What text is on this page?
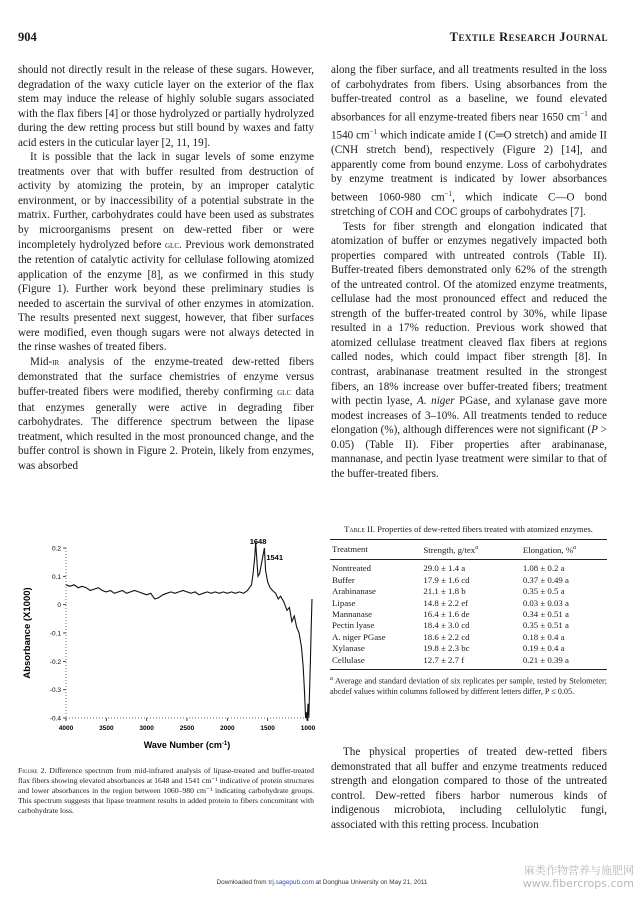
904	Textile Research Journal

should not directly result in the release of these sugars. However, degradation of the waxy cuticle layer on the exterior of the flax stem may induce the release of highly soluble sugars associated with the flax fibers [4] or those hydrolyzed or partially hydrolyzed during the dew retting process but still bound by waxes and fatty acid esters in the cuticular layer [2, 11, 19].

It is possible that the lack in sugar levels of some enzyme treatments over that with buffer resulted from destruction of activity by atomizing the protein, by an improper catalytic environment, or by inaccessibility of a potential substrate in the matrix. Further, carbohydrates could have been used as substrates by microorganisms present on dew-retted fiber or were incompletely hydrolyzed before glc. Previous work demonstrated the retention of catalytic activity for cellulase following atomized application of the enzyme [8], as we confirmed in this study (Figure 1). Further work beyond these preliminary studies is needed to ascertain the survival of other enzymes in atomization. The results presented next suggest, however, that fiber surfaces were modified, even though sugars were not always detected in the rinse washes of treated fibers.

Mid-ir analysis of the enzyme-treated dew-retted fibers demonstrated that the surface chemistries of enzyme versus buffer-treated fibers were modified, thereby confirming glc data that enzymes generally were active in degrading fiber carbohydrates. The difference spectrum between the lipase treatment, which resulted in the most pronounced change, and the buffer control is shown in Figure 2. Protein, likely from enzymes, was absorbed

along the fiber surface, and all treatments resulted in the loss of carbohydrates from fibers. Using absorbances from the buffer-treated control as a baseline, we found elevated absorbances for all enzyme-treated fibers near 1650 $cm^{-1}$ and 1540 $cm^{-1}$ which indicate amide I (C═O stretch) and amide II (CNH stretch bend), respectively (Figure 2) [14], and apparently come from bound enzyme. Loss of carbohydrates by enzyme treatment is indicated by lower absorbances between 1060-980 $cm^{-1}$, which indicate C—O bond stretching of COH and COC groups of carbohydrates [7].

Tests for fiber strength and elongation indicated that atomization of buffer or enzymes negatively impacted both properties compared with untreated controls (Table II). Buffer-treated fibers demonstrated only 62% of the strength of the untreated control. Of the atomized enzyme treatments, cellulase had the most pronounced effect and reduced the strength of the buffer-treated control by 30%, while lipase resulted in a 17% reduction. Previous work showed that atomized cellulase treatment cleaved flax fibers at regions called nodes, which could impact fiber strength [8]. In contrast, arabinanase treatment resulted in the strongest fibers, an 18% increase over buffer-treated fibers; treatment with pectin lyase, A. niger PGase, and xylanase gave more modest increases of 3–10%. All treatments tended to reduce elongation (%), although differences were not significant (P > 0.05) (Table II). Fiber properties after arabinanase, mannanase, and pectin lyase treatment were similar to that of the buffer-treated fibers.

0.2
0.1
0
-0.1
-0.2
-0.3
-0.4
4000	3500	3000	2500	2000	1500	1000
1648
1541
Absorbance (X1000)
Wave Number $(cm^{-1})$
Figure 2. Difference spectrum from mid-infrared analysis of lipase-treated and buffer-treated flax fibers showing elevated absorbances at 1648 and 1541 cm⁻¹ indicative of protein structures and lower absorbances in the region between 1060–980 cm⁻¹ indicating carbohydrate groups. This spectrum suggests that lipase treatment results in added protein to fibers concomitant with carbohydrate loss.
Table II. Properties of dew-retted fibers treated with atomized enzymes.
Treatment	Strength, g/tex$^a$	Elongation, %$^a$
Nontreated	29.0 ± 1.4 a	1.08 ± 0.2 a
Buffer	17.9 ± 1.6 cd	0.37 ± 0.49 a
Arabinanase	21.1 ± 1.8 b	0.35 ± 0.5 a
Lipase	14.8 ± 2.2 ef	0.03 ± 0.03 a
Mannanase	16.4 ± 1.6 de	0.34 ± 0.51 a
Pectin lyase	18.4 ± 3.0 cd	0.35 ± 0.51 a
A. niger PGase	18.6 ± 2.2 cd	0.18 ± 0.4 a
Xylanase	19.8 ± 2.3 bc	0.19 ± 0.4 a
Cellulase	12.7 ± 2.7 f	0.21 ± 0.39 a
$^a$ Average and standard deviation of six replicates per sample, tested by Stelometer; abcdef values within columns followed by different letters differ, P ≤ 0.05.

The physical properties of treated dew-retted fibers demonstrated that all buffer and enzyme treatments reduced strength and elongation compared to those of the untreated control. Dew-retted fibers harbor numerous kinds of indigenous microbiota, including cellulolytic fungi, associated with this retting process. Incubation

Downloaded from trj.sagepub.com at Donghua University on May 21, 2011
麻类作物营养与施肥网
www.fibercrops.com
